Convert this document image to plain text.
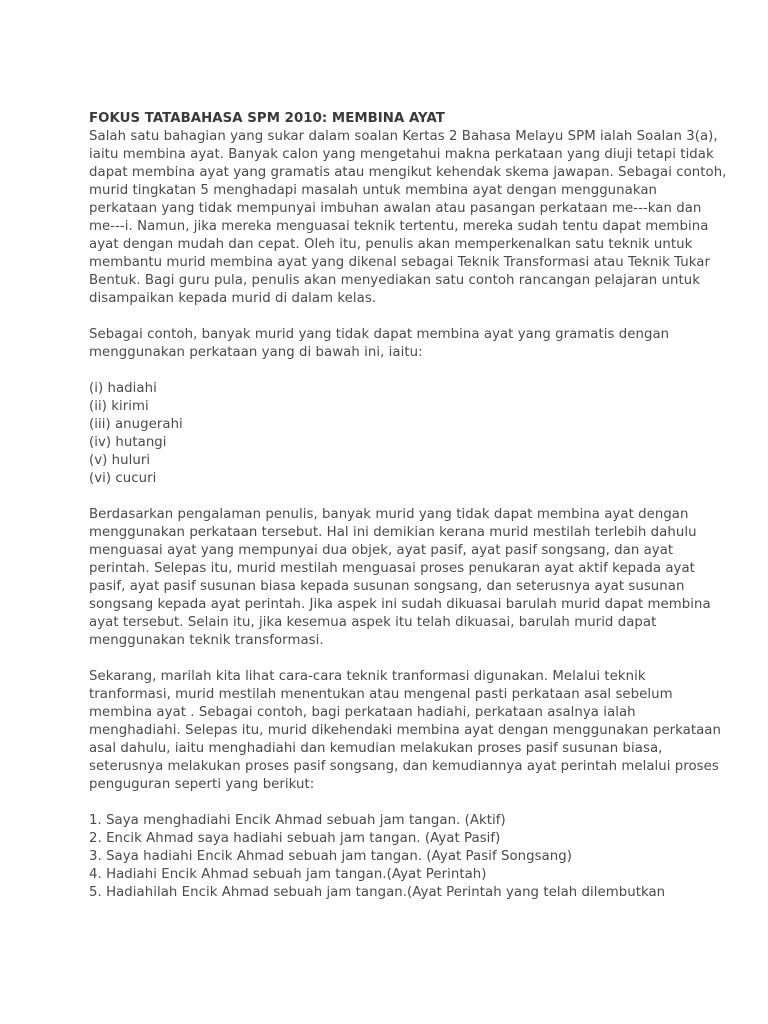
FOKUS TATABAHASA SPM 2010: MEMBINA AYAT

Salah satu bahagian yang sukar dalam soalan Kertas 2 Bahasa Melayu SPM ialah Soalan 3(a), iaitu membina ayat. Banyak calon yang mengetahui makna perkataan yang diuji tetapi tidak dapat membina ayat yang gramatis atau mengikut kehendak skema jawapan. Sebagai contoh, murid tingkatan 5 menghadapi masalah untuk membina ayat dengan menggunakan perkataan yang tidak mempunyai imbuhan awalan atau pasangan perkataan me---kan dan me---i. Namun, jika mereka menguasai teknik tertentu, mereka sudah tentu dapat membina ayat dengan mudah dan cepat. Oleh itu, penulis akan memperkenalkan satu teknik untuk membantu murid membina ayat yang dikenal sebagai Teknik Transformasi atau Teknik Tukar Bentuk. Bagi guru pula, penulis akan menyediakan satu contoh rancangan pelajaran untuk disampaikan kepada murid di dalam kelas.

Sebagai contoh, banyak murid yang tidak dapat membina ayat yang gramatis dengan menggunakan perkataan yang di bawah ini, iaitu:

(i) hadiahi
(ii) kirimi
(iii) anugerahi
(iv) hutangi
(v) huluri
(vi) cucuri

Berdasarkan pengalaman penulis, banyak murid yang tidak dapat membina ayat dengan menggunakan perkataan tersebut. Hal ini demikian kerana murid mestilah terlebih dahulu menguasai ayat yang mempunyai dua objek, ayat pasif, ayat pasif songsang, dan ayat perintah. Selepas itu, murid mestilah menguasai proses penukaran ayat aktif kepada ayat pasif, ayat pasif susunan biasa kepada susunan songsang, dan seterusnya ayat susunan songsang kepada ayat perintah. Jika aspek ini sudah dikuasai barulah murid dapat membina ayat tersebut. Selain itu, jika kesemua aspek itu telah dikuasai, barulah murid dapat menggunakan teknik transformasi.

Sekarang, marilah kita lihat cara-cara teknik tranformasi digunakan. Melalui teknik tranformasi, murid mestilah menentukan atau mengenal pasti perkataan asal sebelum membina ayat . Sebagai contoh, bagi perkataan hadiahi, perkataan asalnya ialah menghadiahi. Selepas itu, murid dikehendaki membina ayat dengan menggunakan perkataan asal dahulu, iaitu menghadiahi dan kemudian melakukan proses pasif susunan biasa, seterusnya melakukan proses pasif songsang, dan kemudiannya ayat perintah melalui proses penguguran seperti yang berikut:

1. Saya menghadiahi Encik Ahmad sebuah jam tangan. (Aktif)
2. Encik Ahmad saya hadiahi sebuah jam tangan. (Ayat Pasif)
3. Saya hadiahi Encik Ahmad sebuah jam tangan. (Ayat Pasif Songsang)
4. Hadiahi Encik Ahmad sebuah jam tangan.(Ayat Perintah)
5. Hadiahilah Encik Ahmad sebuah jam tangan.(Ayat Perintah yang telah dilembutkan
